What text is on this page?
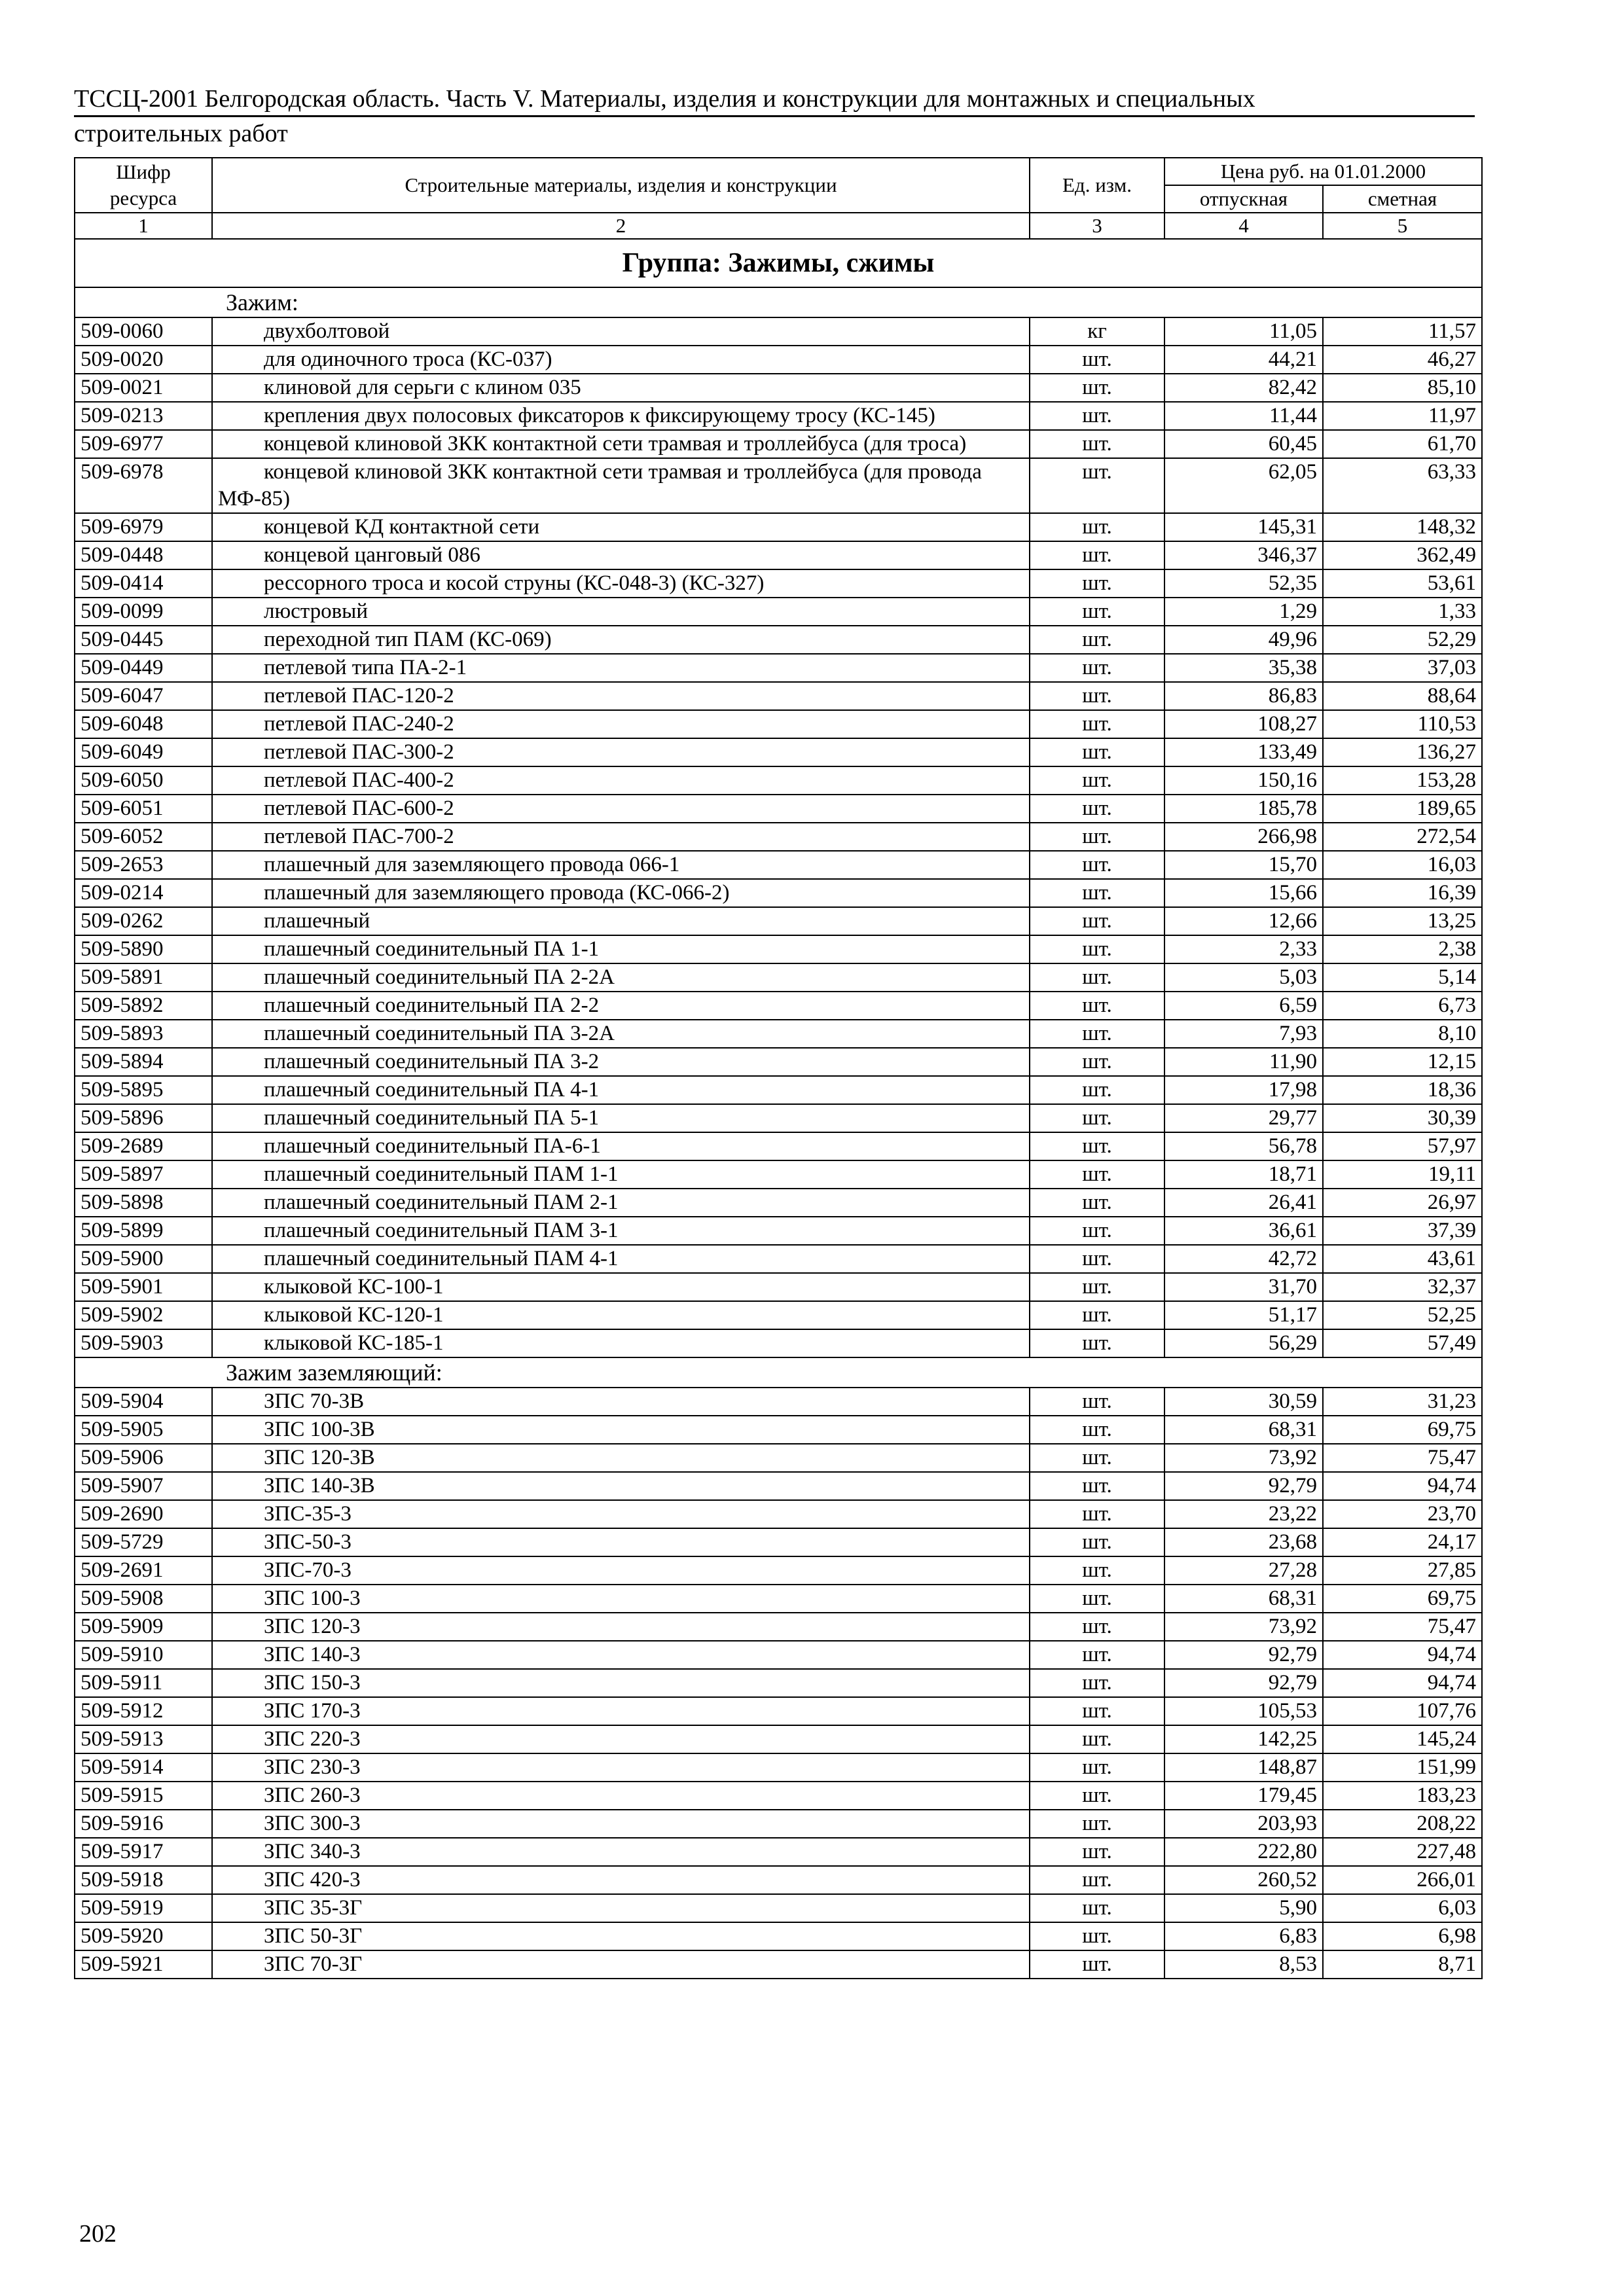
ТССЦ-2001 Белгородская область. Часть V. Материалы, изделия и конструкции для монтажных и специальных
строительных работ
Шифр ресурса	Строительные материалы, изделия и конструкции	Ед. изм.	Цена руб. на 01.01.2000	
			отпускная	сметная
1	2	3	4	5
Группа: Зажимы, сжимы				
Зажим:				
509-0060	двухболтовой	кг	11,05	11,57
509-0020	для одиночного троса (КС-037)	шт.	44,21	46,27
509-0021	клиновой для серьги с клином 035	шт.	82,42	85,10
509-0213	крепления двух полосовых фиксаторов к фиксирующему тросу (КС-145)	шт.	11,44	11,97
509-6977	концевой клиновой ЗКК контактной сети трамвая и троллейбуса (для троса)	шт.	60,45	61,70
509-6978	концевой клиновой ЗКК контактной сети трамвая и троллейбуса (для провода МФ-85)	шт.	62,05	63,33
509-6979	концевой КД контактной сети	шт.	145,31	148,32
509-0448	концевой цанговый 086	шт.	346,37	362,49
509-0414	рессорного троса и косой струны (КС-048-3) (КС-327)	шт.	52,35	53,61
509-0099	люстровый	шт.	1,29	1,33
509-0445	переходной тип ПАМ (КС-069)	шт.	49,96	52,29
509-0449	петлевой типа ПА-2-1	шт.	35,38	37,03
509-6047	петлевой ПАС-120-2	шт.	86,83	88,64
509-6048	петлевой ПАС-240-2	шт.	108,27	110,53
509-6049	петлевой ПАС-300-2	шт.	133,49	136,27
509-6050	петлевой ПАС-400-2	шт.	150,16	153,28
509-6051	петлевой ПАС-600-2	шт.	185,78	189,65
509-6052	петлевой ПАС-700-2	шт.	266,98	272,54
509-2653	плашечный для заземляющего провода 066-1	шт.	15,70	16,03
509-0214	плашечный для заземляющего провода (КС-066-2)	шт.	15,66	16,39
509-0262	плашечный	шт.	12,66	13,25
509-5890	плашечный соединительный ПА 1-1	шт.	2,33	2,38
509-5891	плашечный соединительный ПА 2-2А	шт.	5,03	5,14
509-5892	плашечный соединительный ПА 2-2	шт.	6,59	6,73
509-5893	плашечный соединительный ПА 3-2А	шт.	7,93	8,10
509-5894	плашечный соединительный ПА 3-2	шт.	11,90	12,15
509-5895	плашечный соединительный ПА 4-1	шт.	17,98	18,36
509-5896	плашечный соединительный ПА 5-1	шт.	29,77	30,39
509-2689	плашечный соединительный ПА-6-1	шт.	56,78	57,97
509-5897	плашечный соединительный ПАМ 1-1	шт.	18,71	19,11
509-5898	плашечный соединительный ПАМ 2-1	шт.	26,41	26,97
509-5899	плашечный соединительный ПАМ 3-1	шт.	36,61	37,39
509-5900	плашечный соединительный ПАМ 4-1	шт.	42,72	43,61
509-5901	клыковой КС-100-1	шт.	31,70	32,37
509-5902	клыковой КС-120-1	шт.	51,17	52,25
509-5903	клыковой КС-185-1	шт.	56,29	57,49
Зажим заземляющий:				
509-5904	ЗПС 70-3В	шт.	30,59	31,23
509-5905	ЗПС 100-3В	шт.	68,31	69,75
509-5906	ЗПС 120-3В	шт.	73,92	75,47
509-5907	ЗПС 140-3В	шт.	92,79	94,74
509-2690	ЗПС-35-3	шт.	23,22	23,70
509-5729	ЗПС-50-3	шт.	23,68	24,17
509-2691	ЗПС-70-3	шт.	27,28	27,85
509-5908	ЗПС 100-3	шт.	68,31	69,75
509-5909	ЗПС 120-3	шт.	73,92	75,47
509-5910	ЗПС 140-3	шт.	92,79	94,74
509-5911	ЗПС 150-3	шт.	92,79	94,74
509-5912	ЗПС 170-3	шт.	105,53	107,76
509-5913	ЗПС 220-3	шт.	142,25	145,24
509-5914	ЗПС 230-3	шт.	148,87	151,99
509-5915	ЗПС 260-3	шт.	179,45	183,23
509-5916	ЗПС 300-3	шт.	203,93	208,22
509-5917	ЗПС 340-3	шт.	222,80	227,48
509-5918	ЗПС 420-3	шт.	260,52	266,01
509-5919	ЗПС 35-3Г	шт.	5,90	6,03
509-5920	ЗПС 50-3Г	шт.	6,83	6,98
509-5921	ЗПС 70-3Г	шт.	8,53	8,71
202
